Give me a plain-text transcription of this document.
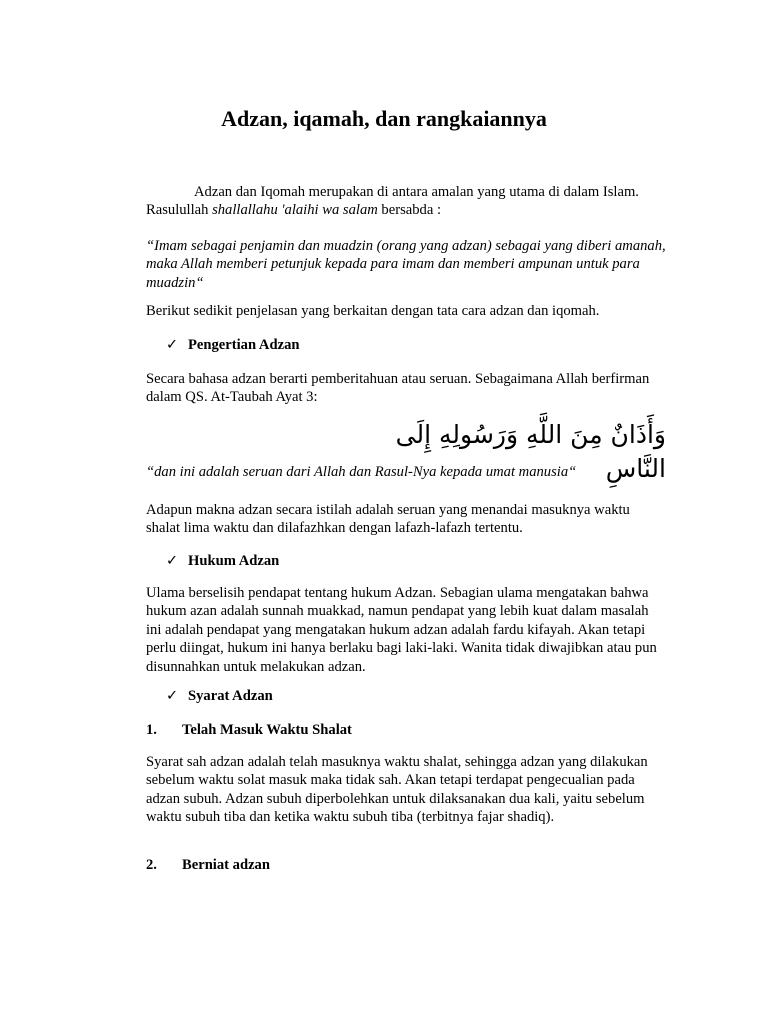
Adzan, iqamah, dan rangkaiannya

Adzan dan Iqomah merupakan di antara amalan yang utama di dalam Islam. Rasulullah shallallahu 'alaihi wa salam bersabda :

“Imam sebagai penjamin dan muadzin (orang yang adzan) sebagai yang diberi amanah, maka Allah memberi petunjuk kepada para imam dan memberi ampunan untuk para muadzin“

Berikut sedikit penjelasan yang berkaitan dengan tata cara adzan dan iqomah.

✓ Pengertian Adzan

Secara bahasa adzan berarti pemberitahuan atau seruan. Sebagaimana Allah berfirman dalam QS. At-Taubah Ayat 3:

وَأَذَانٌ مِنَ اللَّهِ وَرَسُولِهِ إِلَى النَّاسِ

“dan ini adalah seruan dari Allah dan Rasul-Nya kepada umat manusia“

Adapun makna adzan secara istilah adalah seruan yang menandai masuknya waktu shalat lima waktu dan dilafazhkan dengan lafazh-lafazh tertentu.

✓ Hukum Adzan

Ulama berselisih pendapat tentang hukum Adzan. Sebagian ulama mengatakan bahwa hukum azan adalah sunnah muakkad, namun pendapat yang lebih kuat dalam masalah ini adalah pendapat yang mengatakan hukum adzan adalah fardu kifayah. Akan tetapi perlu diingat, hukum ini hanya berlaku bagi laki-laki. Wanita tidak diwajibkan atau pun disunnahkan untuk melakukan adzan.

✓ Syarat Adzan
1. Telah Masuk Waktu Shalat

Syarat sah adzan adalah telah masuknya waktu shalat, sehingga adzan yang dilakukan sebelum waktu solat masuk maka tidak sah. Akan tetapi terdapat pengecualian pada adzan subuh. Adzan subuh diperbolehkan untuk dilaksanakan dua kali, yaitu sebelum waktu subuh tiba dan ketika waktu subuh tiba (terbitnya fajar shadiq).

2. Berniat adzan
